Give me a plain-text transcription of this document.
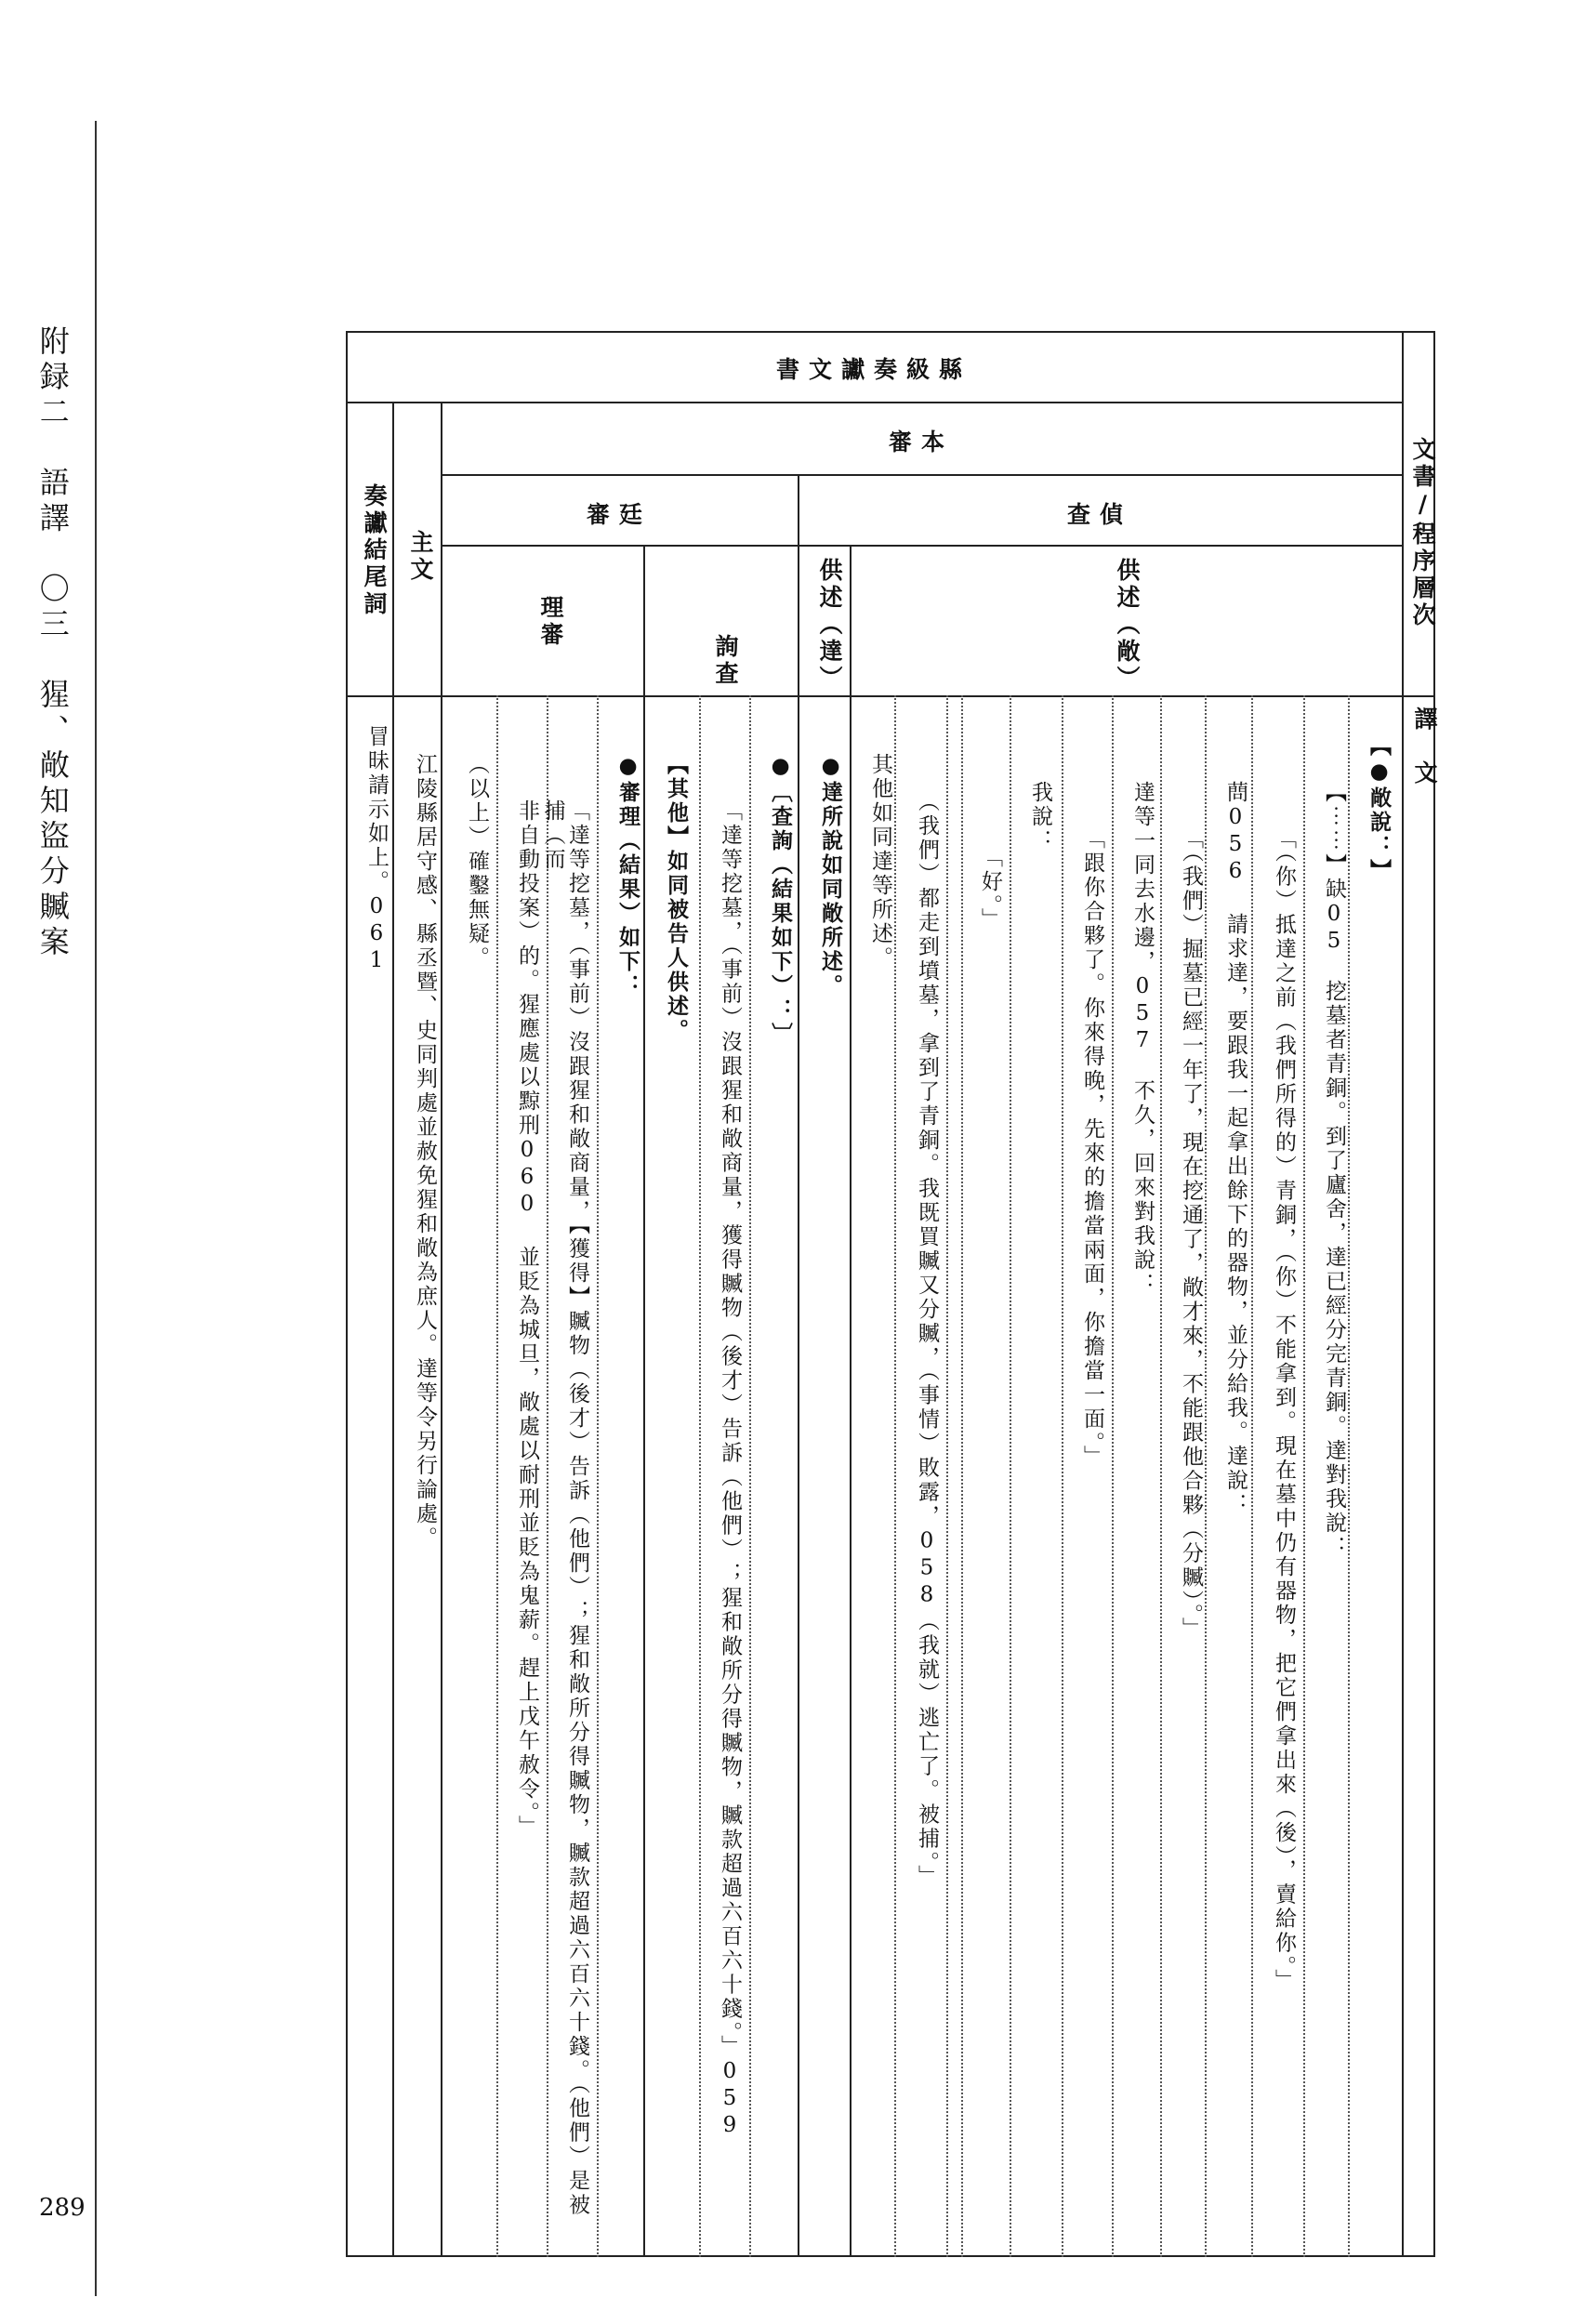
附録二　語譯　〇三　猩、敞知盜分贓案
289
縣級奏讞文書
本審
偵查
廷審	文書/程序層次
供述（敞）
供述（達）
詢查
理審
主文
奏讞結尾詞
譯　文
【●敞說：】
【⋯⋯】缺05　挖墓者青銅。到了廬舍，達已經分完青銅。達對我說：
「（你）抵達之前（我們所得的）青銅，（你）不能拿到。現在墓中仍有器物，把它們拿出來（後），賣給你。」
蔄056 請求達，要跟我一起拿出餘下的器物，並分給我。達說：
「（我們）掘墓已經一年了，現在挖通了，敞才來，不能跟他合夥（分贓）。」
達等一同去水邊，057　不久，回來對我說：
「跟你合夥了。你來得晚，先來的擔當兩面，你擔當一面。」
我說：
「好。」
（我們）都走到墳墓，拿到了青銅。我既買贓又分贓，（事情）敗露，058（我就）逃亡了。被捕。」
其他如同達等所述。
●達所說如同敞所述。
●〔查詢（結果如下）：〕
「達等挖墓，（事前）沒跟猩和敞商量，獲得贓物（後才）告訴（他們）；猩和敞所分得贓物，贓款超過六百六十錢。」059
【其他】如同被告人供述。
●審理（結果）如下：
「達等挖墓，（事前）沒跟猩和敞商量，【獲得】贓物（後才）告訴（他們）；猩和敞所分得贓物，贓款超過六百六十錢。（他們）是被捕（而
非自動投案）的。猩應處以黥刑060 並貶為城旦，敞處以耐刑並貶為鬼薪。趕上戊午赦令。」
（以上）確鑿無疑。
江陵縣居守感、縣丞暨、史同判處並赦免猩和敞為庶人。達等令另行論處。
冒昧請示如上。061
